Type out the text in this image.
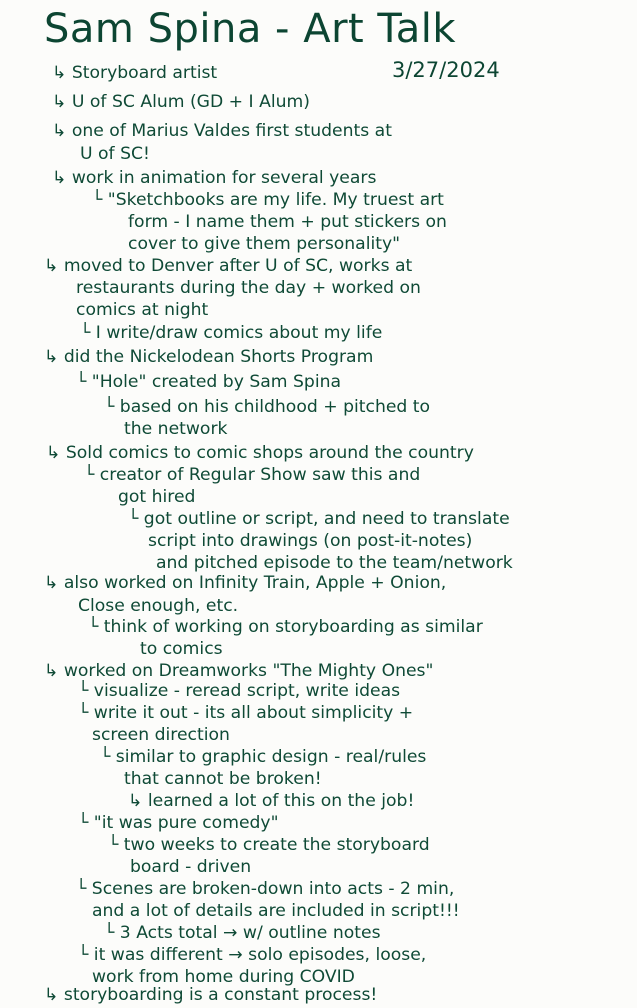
Sam Spina - Art Talk
3/27/2024
↳ Storyboard artist
↳ U of SC Alum (GD + I Alum)
↳ one of Marius Valdes first students at
U of SC!
↳ work in animation for several years
└ "Sketchbooks are my life. My truest art
form - I name them + put stickers on
cover to give them personality"
↳ moved to Denver after U of SC, works at
restaurants during the day + worked on
comics at night
└ I write/draw comics about my life
↳ did the Nickelodean Shorts Program
└ "Hole" created by Sam Spina
└ based on his childhood + pitched to
the network
↳ Sold comics to comic shops around the country
└ creator of Regular Show saw this and
got hired
└ got outline or script, and need to translate
script into drawings (on post-it-notes)
and pitched episode to the team/network
↳ also worked on Infinity Train, Apple + Onion,
Close enough, etc.
└ think of working on storyboarding as similar
to comics
↳ worked on Dreamworks "The Mighty Ones"
└ visualize - reread script, write ideas
└ write it out - its all about simplicity +
screen direction
└ similar to graphic design - real/rules
that cannot be broken!
↳ learned a lot of this on the job!
└ "it was pure comedy"
└ two weeks to create the storyboard
board - driven
└ Scenes are broken-down into acts - 2 min,
and a lot of details are included in script!!!
└ 3 Acts total → w/ outline notes
└ it was different → solo episodes, loose,
work from home during COVID
↳ storyboarding is a constant process!
